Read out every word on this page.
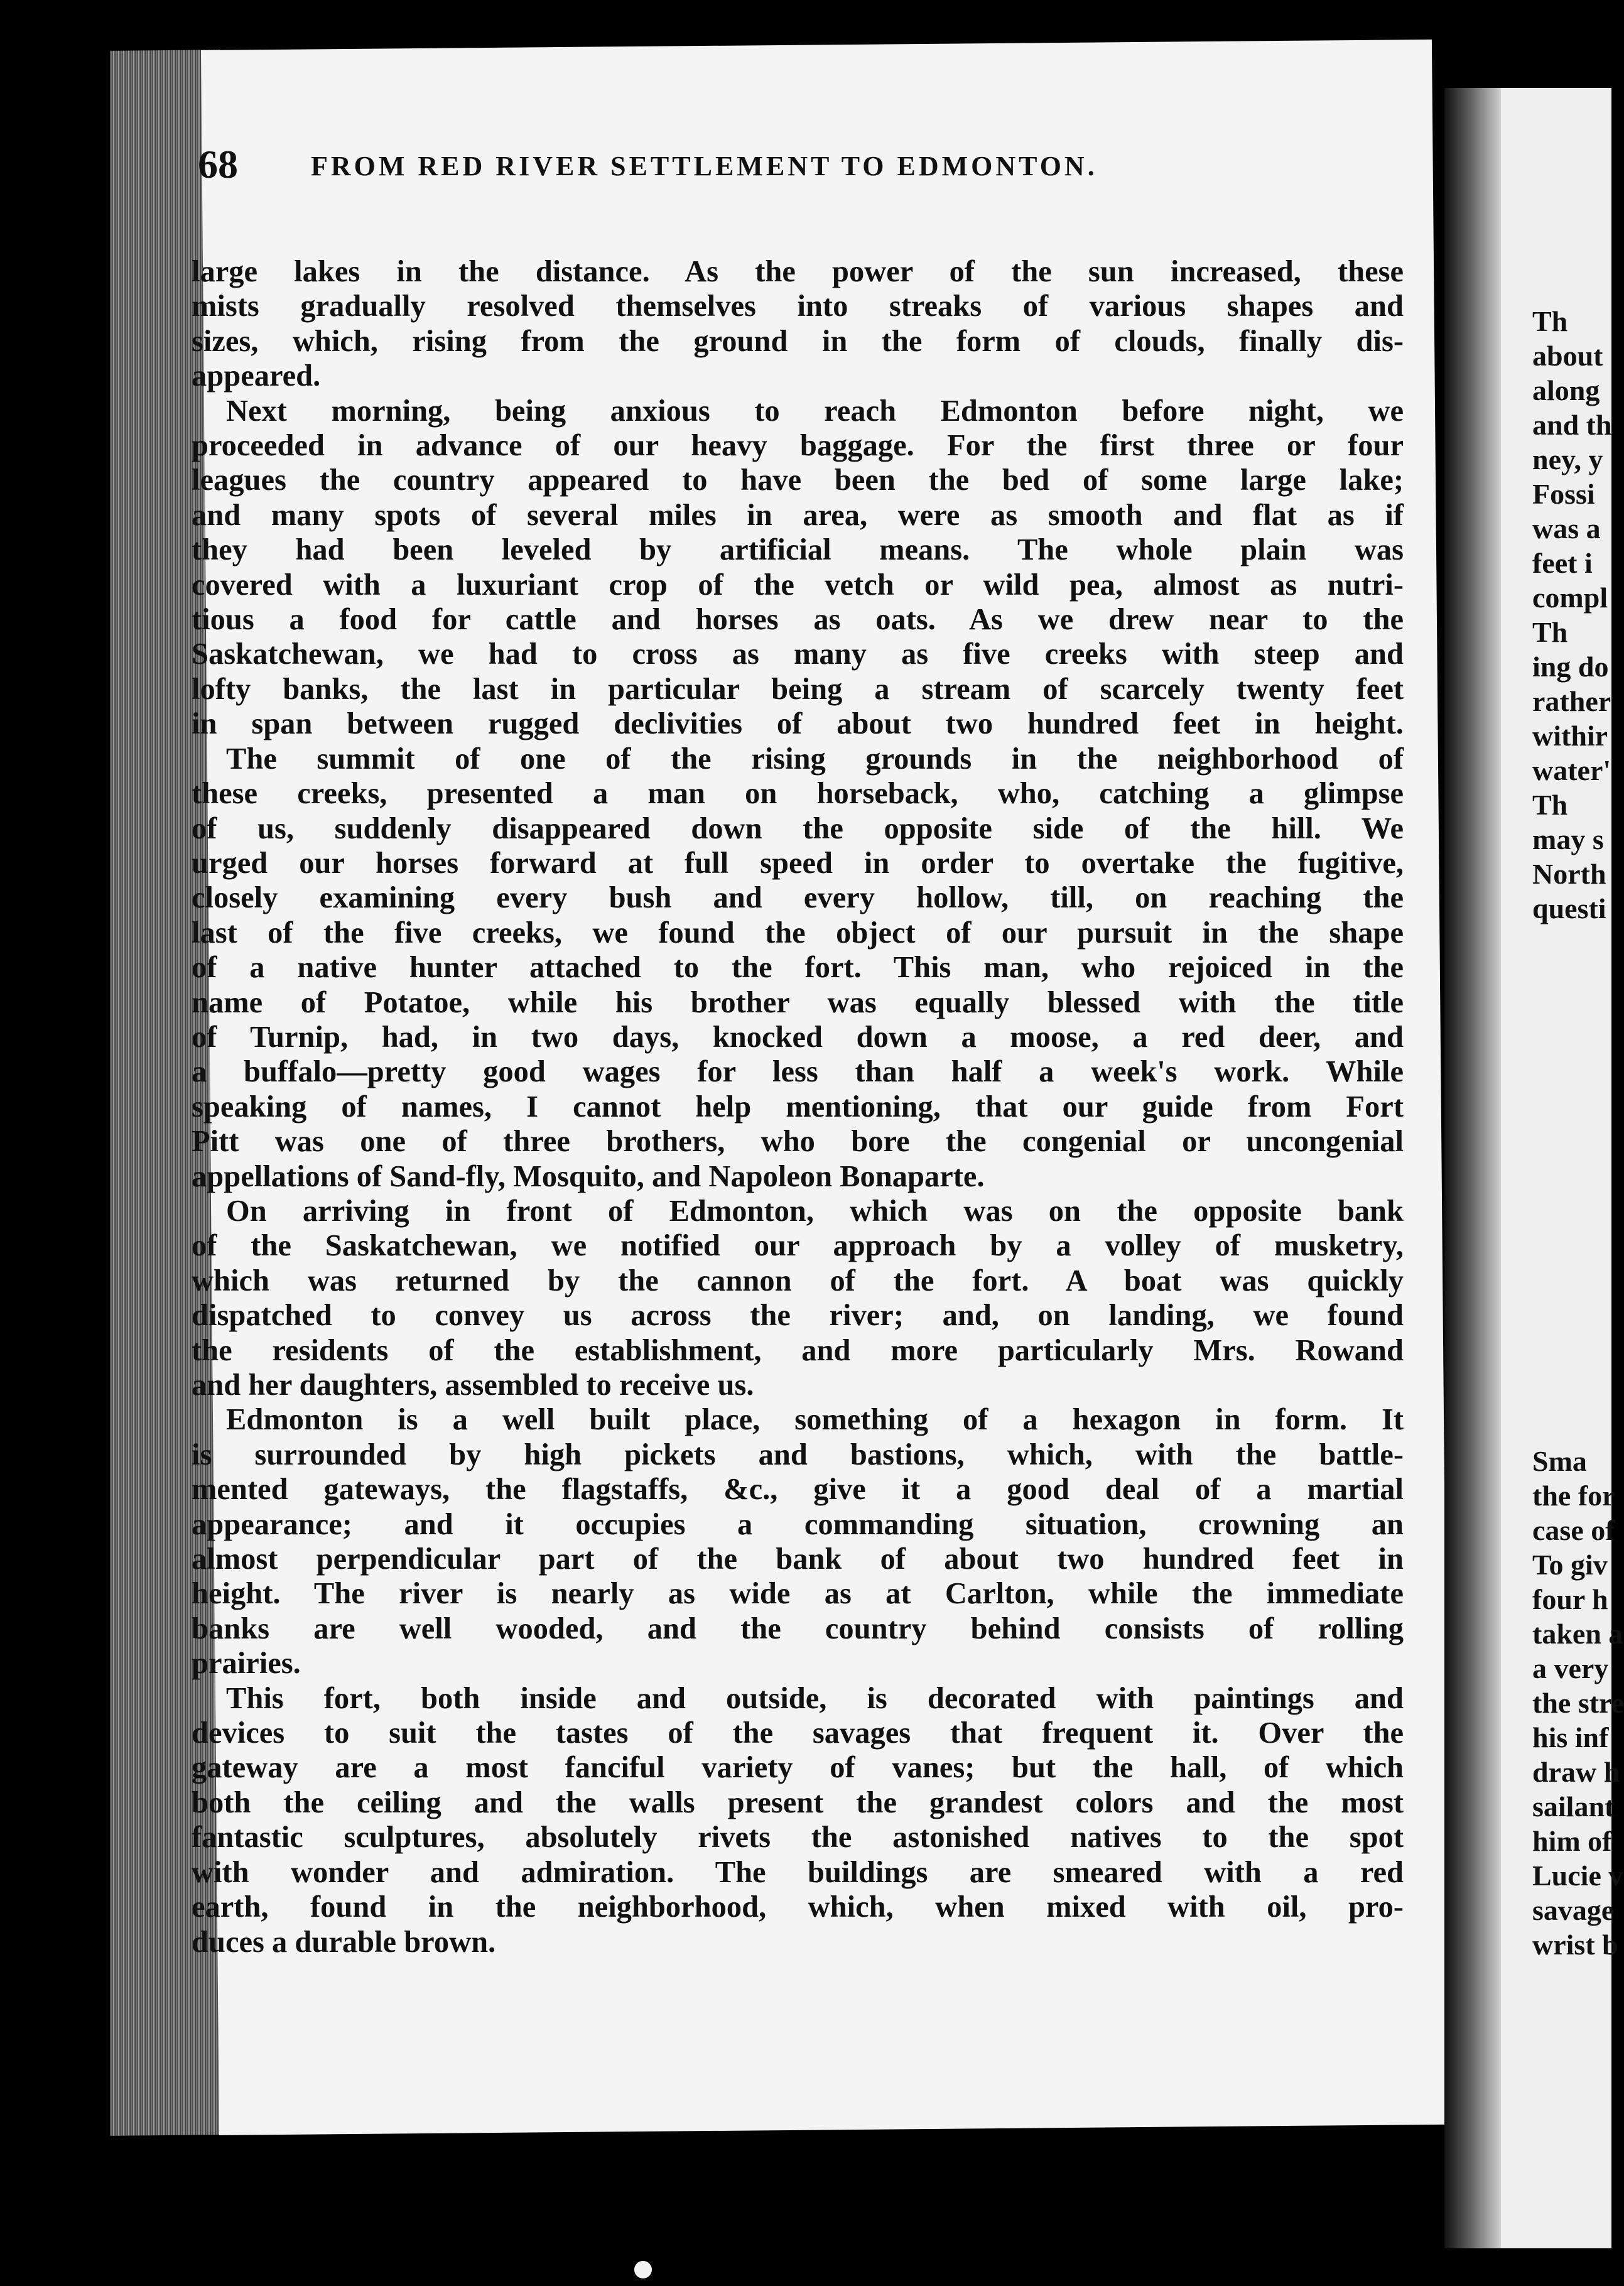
Th
about
along
and th
ney, y
Fossi
was a
feet i
compl
Th
ing do
rather
withir
water'
Th
may s
North
questi
Sma
the for
case of
To giv
four h
taken a
a very
the stre
his inf
draw h
sailant
him of
Lucie v
savage
wrist b
68	FROM RED RIVER SETTLEMENT TO EDMONTON.
large lakes in the distance. As the power of the sun increased, these
mists gradually resolved themselves into streaks of various shapes and
sizes, which, rising from the ground in the form of clouds, finally dis-
appeared.
Next morning, being anxious to reach Edmonton before night, we
proceeded in advance of our heavy baggage. For the first three or four
leagues the country appeared to have been the bed of some large lake;
and many spots of several miles in area, were as smooth and flat as if
they had been leveled by artificial means. The whole plain was
covered with a luxuriant crop of the vetch or wild pea, almost as nutri-
tious a food for cattle and horses as oats. As we drew near to the
Saskatchewan, we had to cross as many as five creeks with steep and
lofty banks, the last in particular being a stream of scarcely twenty feet
in span between rugged declivities of about two hundred feet in height.
The summit of one of the rising grounds in the neighborhood of
these creeks, presented a man on horseback, who, catching a glimpse
of us, suddenly disappeared down the opposite side of the hill. We
urged our horses forward at full speed in order to overtake the fugitive,
closely examining every bush and every hollow, till, on reaching the
last of the five creeks, we found the object of our pursuit in the shape
of a native hunter attached to the fort. This man, who rejoiced in the
name of Potatoe, while his brother was equally blessed with the title
of Turnip, had, in two days, knocked down a moose, a red deer, and
a buffalo—pretty good wages for less than half a week's work. While
speaking of names, I cannot help mentioning, that our guide from Fort
Pitt was one of three brothers, who bore the congenial or uncongenial
appellations of Sand-fly, Mosquito, and Napoleon Bonaparte.
On arriving in front of Edmonton, which was on the opposite bank
of the Saskatchewan, we notified our approach by a volley of musketry,
which was returned by the cannon of the fort. A boat was quickly
dispatched to convey us across the river; and, on landing, we found
the residents of the establishment, and more particularly Mrs. Rowand
and her daughters, assembled to receive us.
Edmonton is a well built place, something of a hexagon in form. It
is surrounded by high pickets and bastions, which, with the battle-
mented gateways, the flagstaffs, &c., give it a good deal of a martial
appearance; and it occupies a commanding situation, crowning an
almost perpendicular part of the bank of about two hundred feet in
height. The river is nearly as wide as at Carlton, while the immediate
banks are well wooded, and the country behind consists of rolling
prairies.
This fort, both inside and outside, is decorated with paintings and
devices to suit the tastes of the savages that frequent it. Over the
gateway are a most fanciful variety of vanes; but the hall, of which
both the ceiling and the walls present the grandest colors and the most
fantastic sculptures, absolutely rivets the astonished natives to the spot
with wonder and admiration. The buildings are smeared with a red
earth, found in the neighborhood, which, when mixed with oil, pro-
duces a durable brown.
